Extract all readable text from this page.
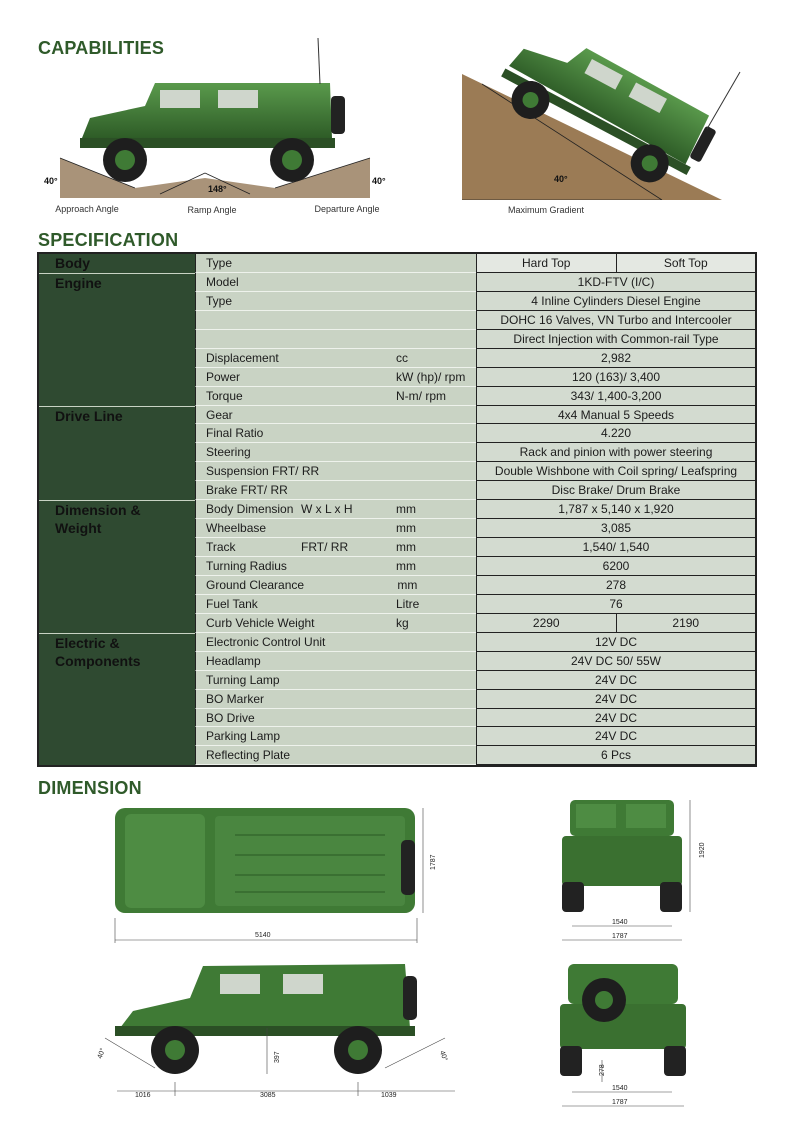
CAPABILITIES
40°
148°
40°
Approach Angle	Ramp Angle	Departure Angle
40°
Maximum Gradient
SPECIFICATION
Body	Type	Hard Top	Soft Top
Engine	Model	1KD-FTV (I/C)
Type	4 Inline Cylinders Diesel Engine
DOHC 16 Valves, VN Turbo and Intercooler
Direct Injection with Common-rail Type
Displacement	cc	2,982
Power	kW (hp)/ rpm	120 (163)/ 3,400
Torque	N-m/ rpm	343/ 1,400-3,200
Drive Line	Gear	4x4 Manual 5 Speeds
Final Ratio	4.220
Steering	Rack and pinion with power steering
Suspension FRT/ RR	Double Wishbone with Coil spring/ Leafspring
Brake FRT/ RR	Disc Brake/ Drum Brake
Dimension &	Body Dimension W x L x H	mm	1,787 x 5,140 x 1,920
Weight	Wheelbase	mm	3,085
Track	FRT/ RR	mm	1,540/ 1,540
Turning Radius	mm	6200
Ground Clearance	mm	278
Fuel Tank	Litre	76
Curb Vehicle Weight	kg	2290	2190
Electric &	Electronic Control Unit	12V DC
Components	Headlamp	24V DC 50/ 55W
Turning Lamp	24V DC
BO Marker	24V DC
BO Drive	24V DC
Parking Lamp	24V DC
Reflecting Plate	6 Pcs
DIMENSION
5140
1787
1540
1787
1920
1016	3085	1039
397
40°	40°
1540
1787
278
